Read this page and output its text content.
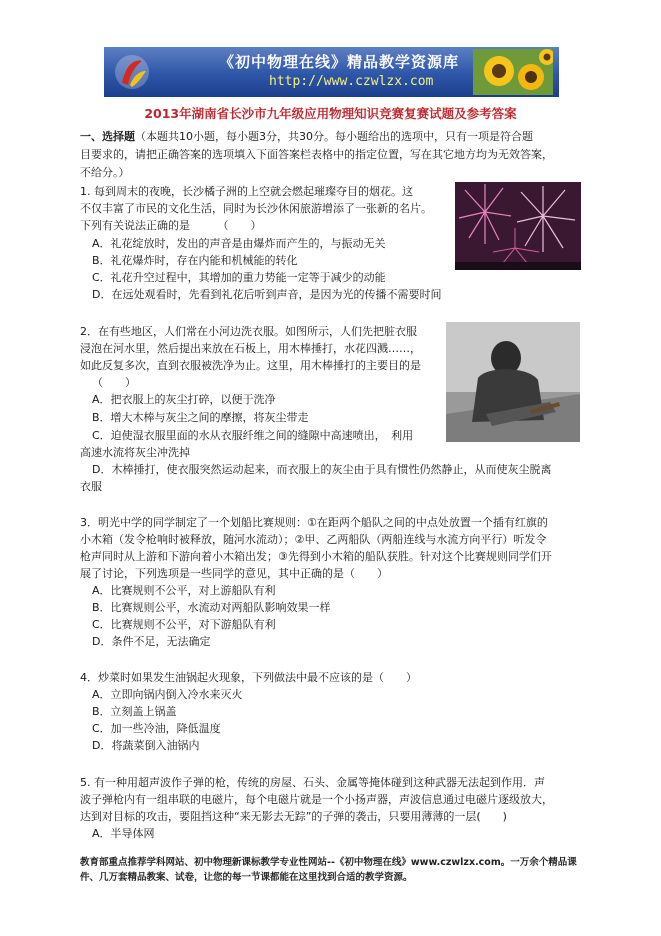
《初中物理在线》精品教学资源库
http://www.czwlzx.com
2013年湖南省长沙市九年级应用物理知识竞赛复赛试题及参考答案
一、选择题（本题共10小题，每小题3分，共30分。每小题给出的选项中，只有一项是符合题
目要求的，请把正确答案的选项填入下面答案栏表格中的指定位置，写在其它地方均为无效答案，
不给分。）
1. 每到周末的夜晚，长沙橘子洲的上空就会燃起璀璨夺目的烟花。这
不仅丰富了市民的文化生活，同时为长沙休闲旅游增添了一张新的名片。
下列有关说法正确的是　　　（　　）
A．礼花绽放时，发出的声音是由爆炸而产生的，与振动无关
B．礼花爆炸时，存在内能和机械能的转化
C．礼花升空过程中，其增加的重力势能一定等于减少的动能
D．在远处观看时，先看到礼花后听到声音，是因为光的传播不需要时间
2．在有些地区，人们常在小河边洗衣服。如图所示，人们先把脏衣服
浸泡在河水里，然后提出来放在石板上，用木棒捶打，水花四溅……，
如此反复多次，直到衣服被洗净为止。这里，用木棒捶打的主要目的是
（　　）
A．把衣服上的灰尘打碎，以便于洗净
B．增大木棒与灰尘之间的摩擦，将灰尘带走
C．迫使湿衣服里面的水从衣服纤维之间的缝隙中高速喷出，　利用
高速水流将灰尘冲洗掉
D．木棒捶打，使衣服突然运动起来，而衣服上的灰尘由于具有惯性仍然静止，从而使灰尘脱离
衣服
3．明光中学的同学制定了一个划船比赛规则：①在距两个船队之间的中点处放置一个插有红旗的
小木箱（发令枪响时被释放，随河水流动）；②甲、乙两船队（两船连线与水流方向平行）听发令
枪声同时从上游和下游向着小木箱出发；③先得到小木箱的船队获胜。针对这个比赛规则同学们开
展了讨论，下列选项是一些同学的意见，其中正确的是（　　）
A．比赛规则不公平，对上游船队有利
B．比赛规则公平，水流动对两船队影响效果一样
C．比赛规则不公平，对下游船队有利
D．条件不足，无法确定
4．炒菜时如果发生油锅起火现象，下列做法中最不应该的是（　　）
A．立即向锅内倒入冷水来灭火
B．立刻盖上锅盖
C．加一些冷油，降低温度
D．将蔬菜倒入油锅内
5. 有一种用超声波作子弹的枪，传统的房屋、石头、金属等掩体碰到这种武器无法起到作用．声
波子弹枪内有一组串联的电磁片，每个电磁片就是一个小扬声器，声波信息通过电磁片逐级放大，
达到对目标的攻击，要阻挡这种“来无影去无踪”的子弹的袭击，只要用薄薄的一层(　　)
A．半导体网
教育部重点推荐学科网站、初中物理新课标教学专业性网站--《初中物理在线》www.czwlzx.com。一万余个精品课
件、几万套精品教案、试卷，让您的每一节课都能在这里找到合适的教学资源。
